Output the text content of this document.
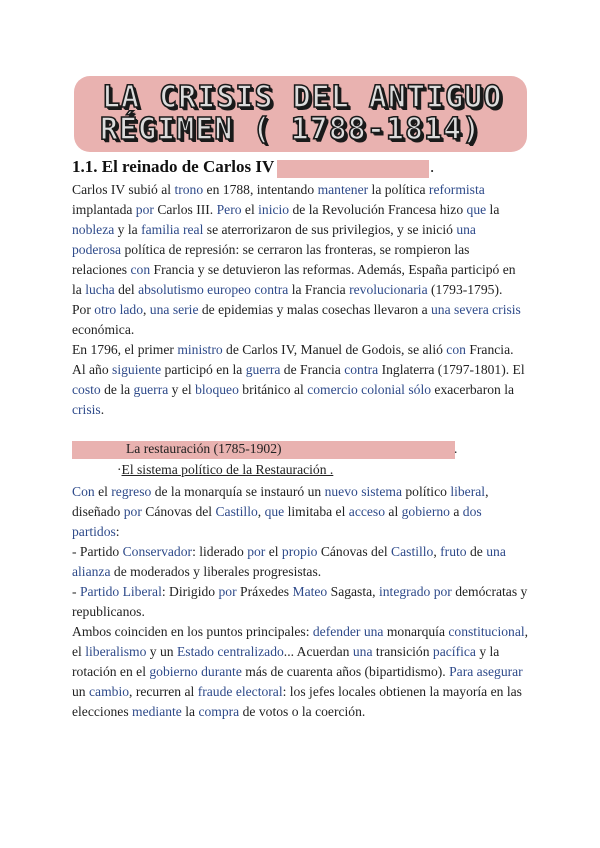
LA CRISIS DEL ANTIGUO
RÉGIMEN ( 1788-1814)
1.1. El reinado de Carlos IV	.

Carlos IV subió al trono en 1788, intentando mantener la política reformista implantada por Carlos III. Pero el inicio de la Revolución Francesa hizo que la nobleza y la familia real se aterrorizaron de sus privilegios, y se inició una poderosa política de represión: se cerraron las fronteras, se rompieron las relaciones con Francia y se detuvieron las reformas. Además, España participó en la lucha del absolutismo europeo contra la Francia revolucionaria (1793-1795).

Por otro lado, una serie de epidemias y malas cosechas llevaron a una severa crisis económica.

En 1796, el primer ministro de Carlos IV, Manuel de Godois, se alió con Francia. Al año siguiente participó en la guerra de Francia contra Inglaterra (1797-1801). El costo de la guerra y el bloqueo británico al comercio colonial sólo exacerbaron la crisis.

La restauración (1785-1902)	.
·El sistema político de la Restauración .

Con el regreso de la monarquía se instauró un nuevo sistema político liberal, diseñado por Cánovas del Castillo, que limitaba el acceso al gobierno a dos partidos:

- Partido Conservador: liderado por el propio Cánovas del Castillo, fruto de una alianza de moderados y liberales progresistas.

- Partido Liberal: Dirigido por Práxedes Mateo Sagasta, integrado por demócratas y republicanos.

Ambos coinciden en los puntos principales: defender una monarquía constitucional, el liberalismo y un Estado centralizado... Acuerdan una transición pacífica y la rotación en el gobierno durante más de cuarenta años (bipartidismo). Para asegurar un cambio, recurren al fraude electoral: los jefes locales obtienen la mayoría en las elecciones mediante la compra de votos o la coerción.
